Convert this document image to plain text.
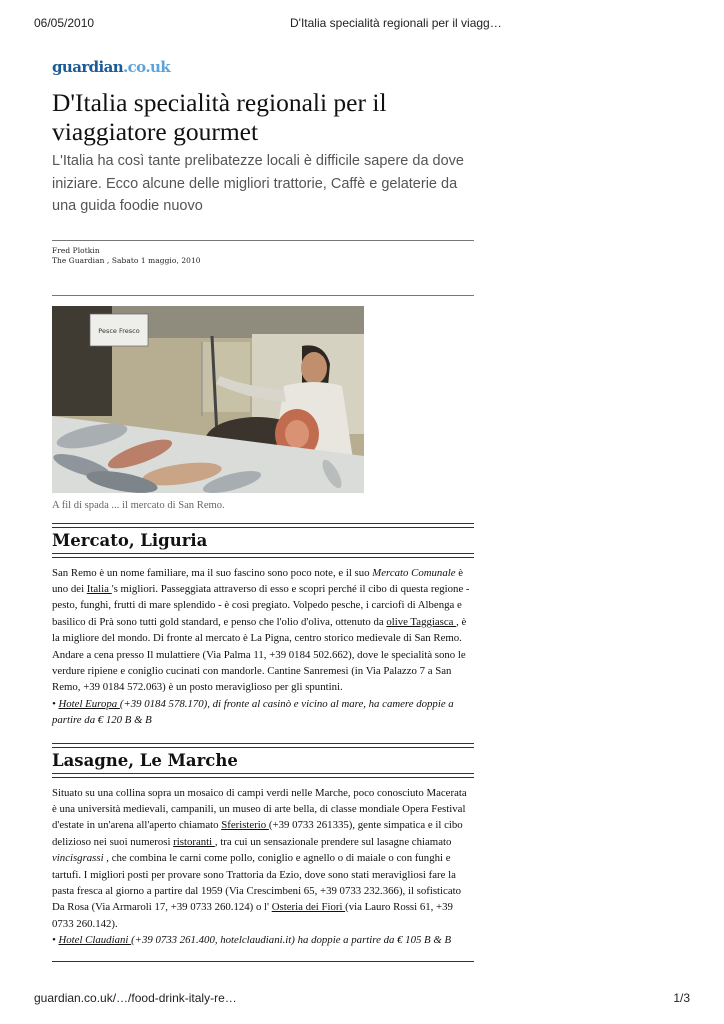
06/05/2010	D'Italia specialità regionali per il viagg…
guardian.co.uk
D'Italia specialità regionali per il viaggiatore gourmet

L'Italia ha così tante prelibatezze locali è difficile sapere da dove iniziare. Ecco alcune delle migliori trattorie, Caffè e gelaterie da una guida foodie nuovo

Fred Plotkin
The Guardian , Sabato 1 maggio, 2010
Pesce Fresco
A fil di spada ... il mercato di San Remo.
Mercato, Liguria

San Remo è un nome familiare, ma il suo fascino sono poco note, e il suo Mercato Comunale è uno dei Italia 's migliori. Passeggiata attraverso di esso e scopri perché il cibo di questa regione - pesto, funghi, frutti di mare splendido - è così pregiato. Volpedo pesche, i carciofi di Albenga e basilico di Prà sono tutti gold standard, e penso che l'olio d'oliva, ottenuto da olive Taggiasca , è la migliore del mondo. Di fronte al mercato è La Pigna, centro storico medievale di San Remo. Andare a cena presso Il mulattiere (Via Palma 11, +39 0184 502.662), dove le specialità sono le verdure ripiene e coniglio cucinati con mandorle. Cantine Sanremesi (in Via Palazzo 7 a San Remo, +39 0184 572.063) è un posto meraviglioso per gli spuntini.
• Hotel Europa (+39 0184 578.170), di fronte al casinò e vicino al mare, ha camere doppie a partire da € 120 B & B

Lasagne, Le Marche

Situato su una collina sopra un mosaico di campi verdi nelle Marche, poco conosciuto Macerata è una università medievali, campanili, un museo di arte bella, di classe mondiale Opera Festival d'estate in un'arena all'aperto chiamato Sferisterio (+39 0733 261335), gente simpatica e il cibo delizioso nei suoi numerosi ristoranti , tra cui un sensazionale prendere sul lasagne chiamato vincisgrassi , che combina le carni come pollo, coniglio e agnello o di maiale o con funghi e tartufi. I migliori posti per provare sono Trattoria da Ezio, dove sono stati meravigliosi fare la pasta fresca al giorno a partire dal 1959 (Via Crescimbeni 65, +39 0733 232.366), il sofisticato Da Rosa (Via Armaroli 17, +39 0733 260.124) o l' Osteria dei Fiori (via Lauro Rossi 61, +39 0733 260.142).
• Hotel Claudiani (+39 0733 261.400, hotelclaudiani.it) ha doppie a partire da € 105 B & B

guardian.co.uk/…/food-drink-italy-re…	1/3
